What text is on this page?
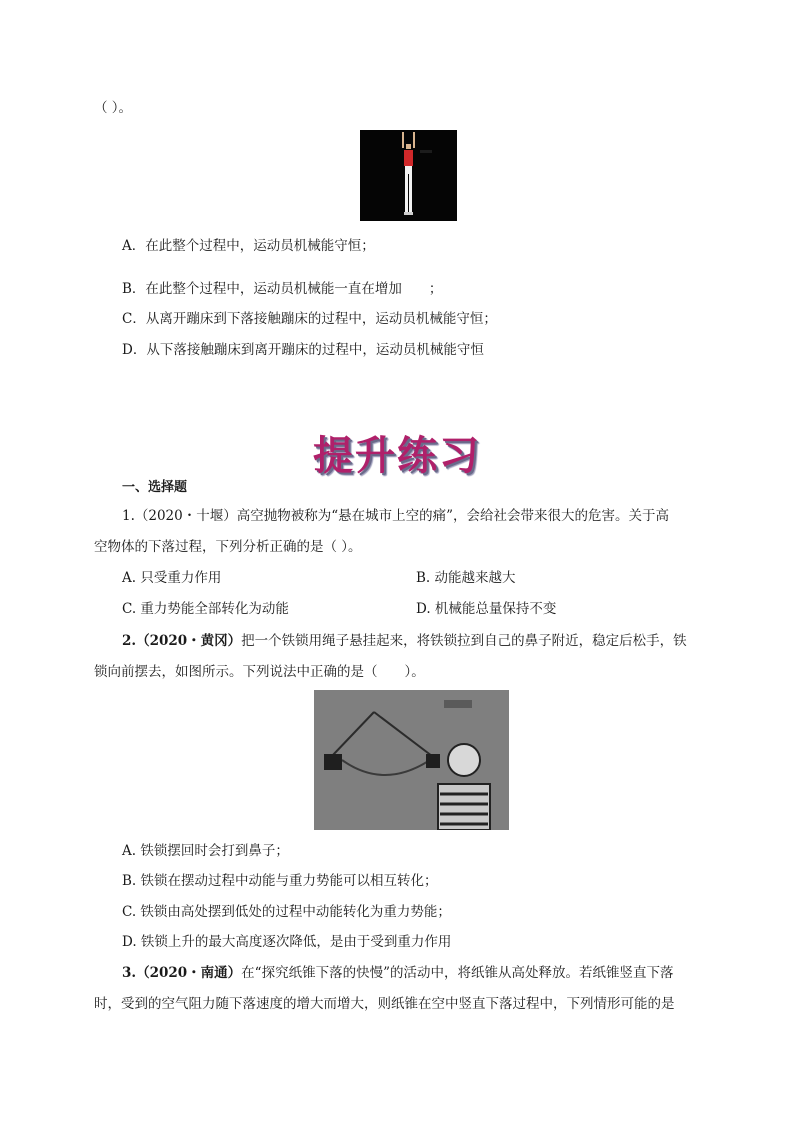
（ ）。
A．在此整个过程中，运动员机械能守恒；
B．在此整个过程中，运动员机械能一直在增加　　；
C．从离开蹦床到下落接触蹦床的过程中，运动员机械能守恒；
D．从下落接触蹦床到离开蹦床的过程中，运动员机械能守恒
提升练习
一、选择题
1.（2020・十堰）高空抛物被称为“悬在城市上空的痛”，会给社会带来很大的危害。关于高
空物体的下落过程，下列分析正确的是（ ）。
A. 只受重力作用	B. 动能越来越大
C. 重力势能全部转化为动能	D. 机械能总量保持不变
2.（2020・黄冈）把一个铁锁用绳子悬挂起来，将铁锁拉到自己的鼻子附近，稳定后松手，铁
锁向前摆去，如图所示。下列说法中正确的是（　　）。
A. 铁锁摆回时会打到鼻子；
B. 铁锁在摆动过程中动能与重力势能可以相互转化；
C. 铁锁由高处摆到低处的过程中动能转化为重力势能；
D. 铁锁上升的最大高度逐次降低，是由于受到重力作用
3.（2020・南通）在“探究纸锥下落的快慢”的活动中，将纸锥从高处释放。若纸锥竖直下落
时，受到的空气阻力随下落速度的增大而增大，则纸锥在空中竖直下落过程中，下列情形可能的是
